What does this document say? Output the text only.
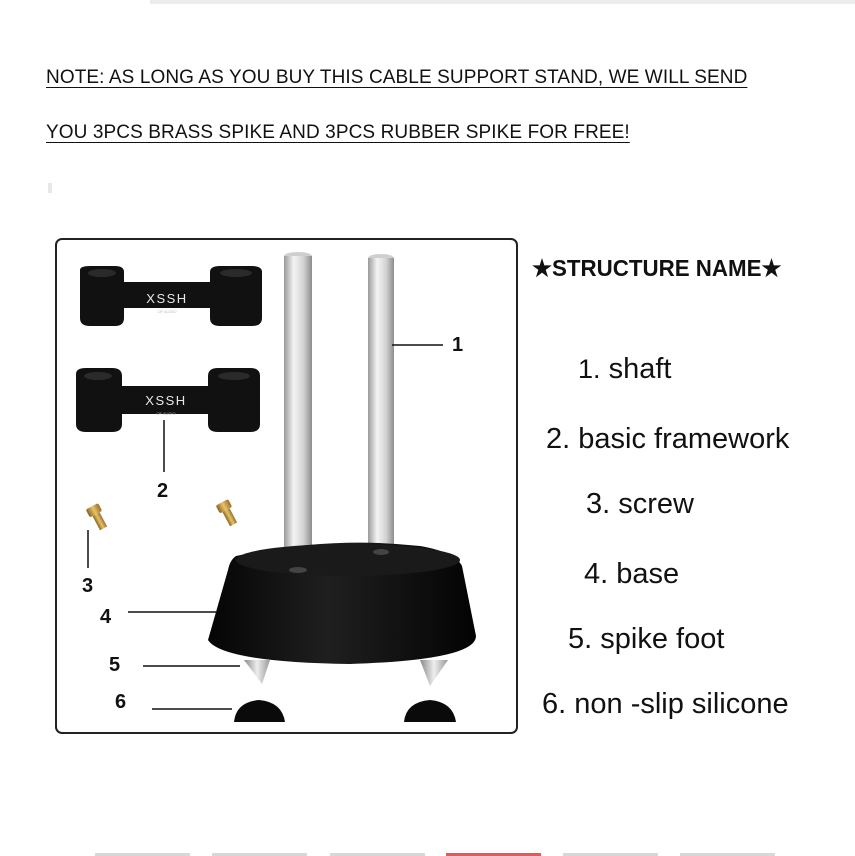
NOTE: AS LONG AS YOU BUY THIS CABLE SUPPORT STAND, WE WILL SEND
YOU 3PCS BRASS SPIKE AND 3PCS RUBBER SPIKE FOR FREE!
XSSH
OF AUDIO
XSSH
OF AUDIO
1
2
3
4
5
6
★STRUCTURE NAME★
1. shaft
2. basic framework
3. screw
4. base
5. spike foot
6. non -slip silicone
